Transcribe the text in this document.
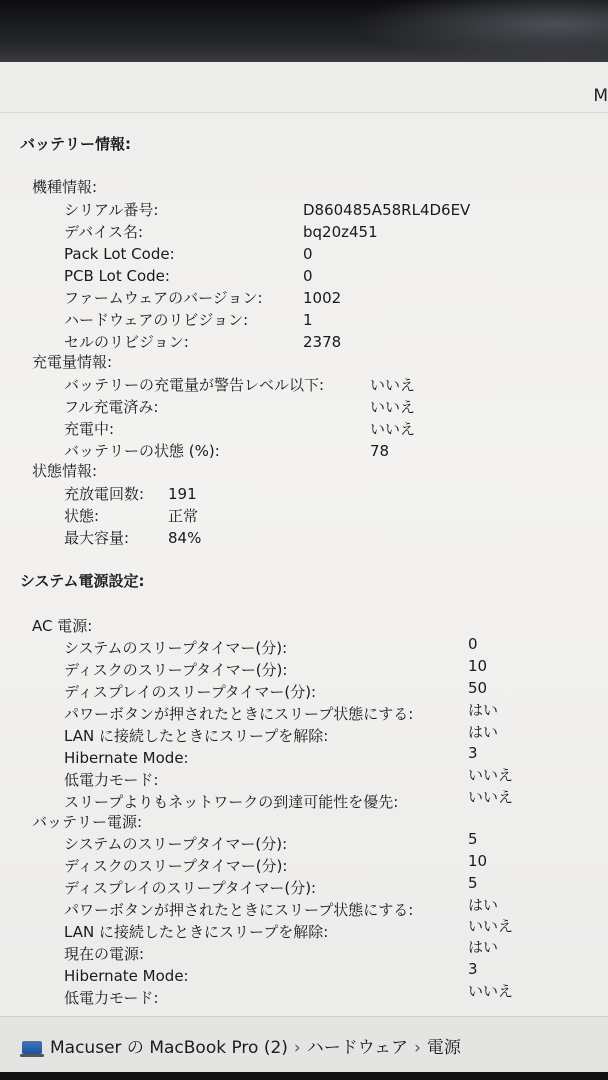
M
バッテリー情報:
機種情報:
シリアル番号:	D860485A58RL4D6EV
デバイス名:	bq20z451
Pack Lot Code:	0
PCB Lot Code:	0
ファームウェアのバージョン:	1002
ハードウェアのリビジョン:	1
セルのリビジョン:	2378
充電量情報:
バッテリーの充電量が警告レベル以下:	いいえ
フル充電済み:	いいえ
充電中:	いいえ
バッテリーの状態 (%):	78
状態情報:
充放電回数: 191
状態:	正常
最大容量:	84%
システム電源設定:
AC 電源:
システムのスリープタイマー(分):	0
ディスクのスリープタイマー(分):	10
ディスプレイのスリープタイマー(分):	50
パワーボタンが押されたときにスリープ状態にする:	はい
LAN に接続したときにスリープを解除:	はい
Hibernate Mode:	3
低電力モード:	いいえ
スリープよりもネットワークの到達可能性を優先:	いいえ
バッテリー電源:
システムのスリープタイマー(分):	5
ディスクのスリープタイマー(分):	10
ディスプレイのスリープタイマー(分):	5
パワーボタンが押されたときにスリープ状態にする:	はい
LAN に接続したときにスリープを解除:	いいえ
現在の電源:	はい
Hibernate Mode:	3
低電力モード:	いいえ
Macuser の MacBook Pro (2) › ハードウェア › 電源
